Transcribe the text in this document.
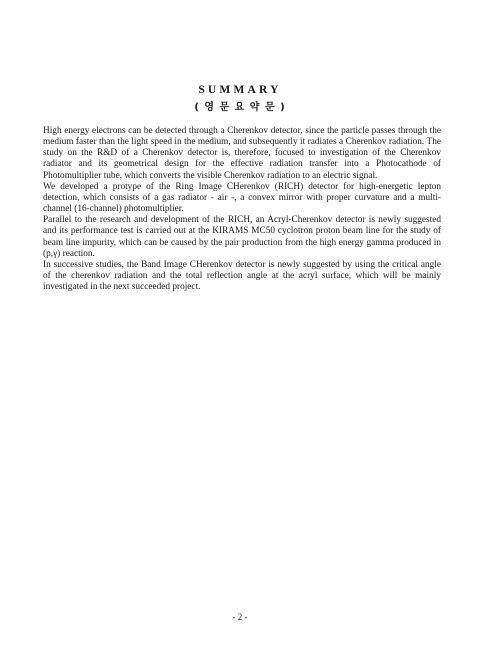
SUMMARY
( 영 문 요 약 문 )

High energy electrons can be detected through a Cherenkov detector, since the particle passes through the medium faster than the light speed in the medium, and subsequently it radiates a Cherenkov radiation. The study on the R&D of a Cherenkov detector is, therefore, focused to investigation of the Cherenkov radiator and its geometrical design for the effective radiation transfer into a Photocathode of Photomultiplier tube, which converts the visible Cherenkov radiation to an electric signal.

We developed a protype of the Ring Image CHerenkov (RICH) detector for high-energetic lepton detection, which consists of a gas radiator - air -, a convex mirror with proper curvature and a multi-channel (16-channel) photomultiplier.

Parallel to the research and development of the RICH, an Acryl-Cherenkov detector is newly suggested and its performance test is carried out at the KIRAMS MC50 cyclotron proton beam line for the study of beam line impurity, which can be caused by the pair production from the high energy gamma produced in (p,γ) reaction.

In successive studies, the Band Image CHerenkov detector is newly suggested by using the critical angle of the cherenkov radiation and the total reflection angle at the acryl surface, which will be mainly investigated in the next succeeded project.

- 2 -
